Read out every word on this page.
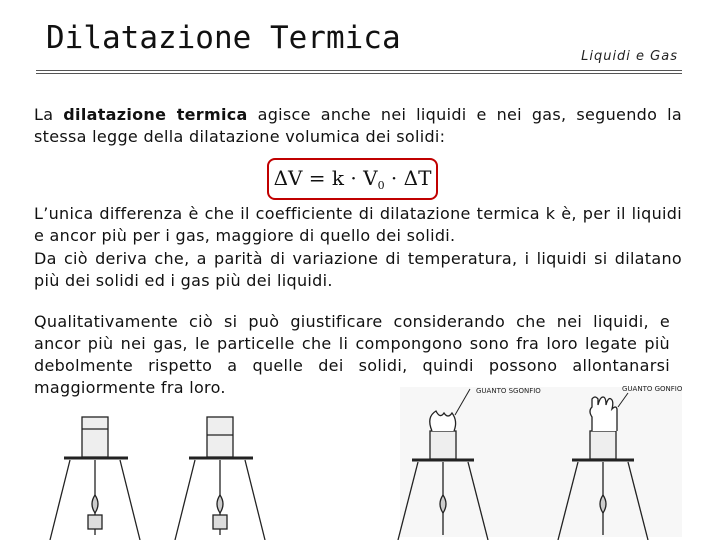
Dilatazione Termica
Liquidi e Gas
La dilatazione termica agisce anche nei liquidi e nei gas, seguendo la stessa legge della dilatazione volumica dei solidi:
$\Delta V = k \cdot V_0 \cdot \Delta T$
L’unica differenza è che il coefficiente di dilatazione termica k è, per il liquidi e ancor più per i gas, maggiore di quello dei solidi.
Da ciò deriva che, a parità di variazione di temperatura, i liquidi si dilatano più dei solidi ed i gas più dei liquidi.
Qualitativamente ciò si può giustificare considerando che nei liquidi, e ancor più nei gas, le particelle che li compongono sono fra loro legate più debolmente rispetto a quelle dei solidi, quindi possono allontanarsi maggiormente fra loro.	GUANTO SGONFIO	GUANTO GONFIO
